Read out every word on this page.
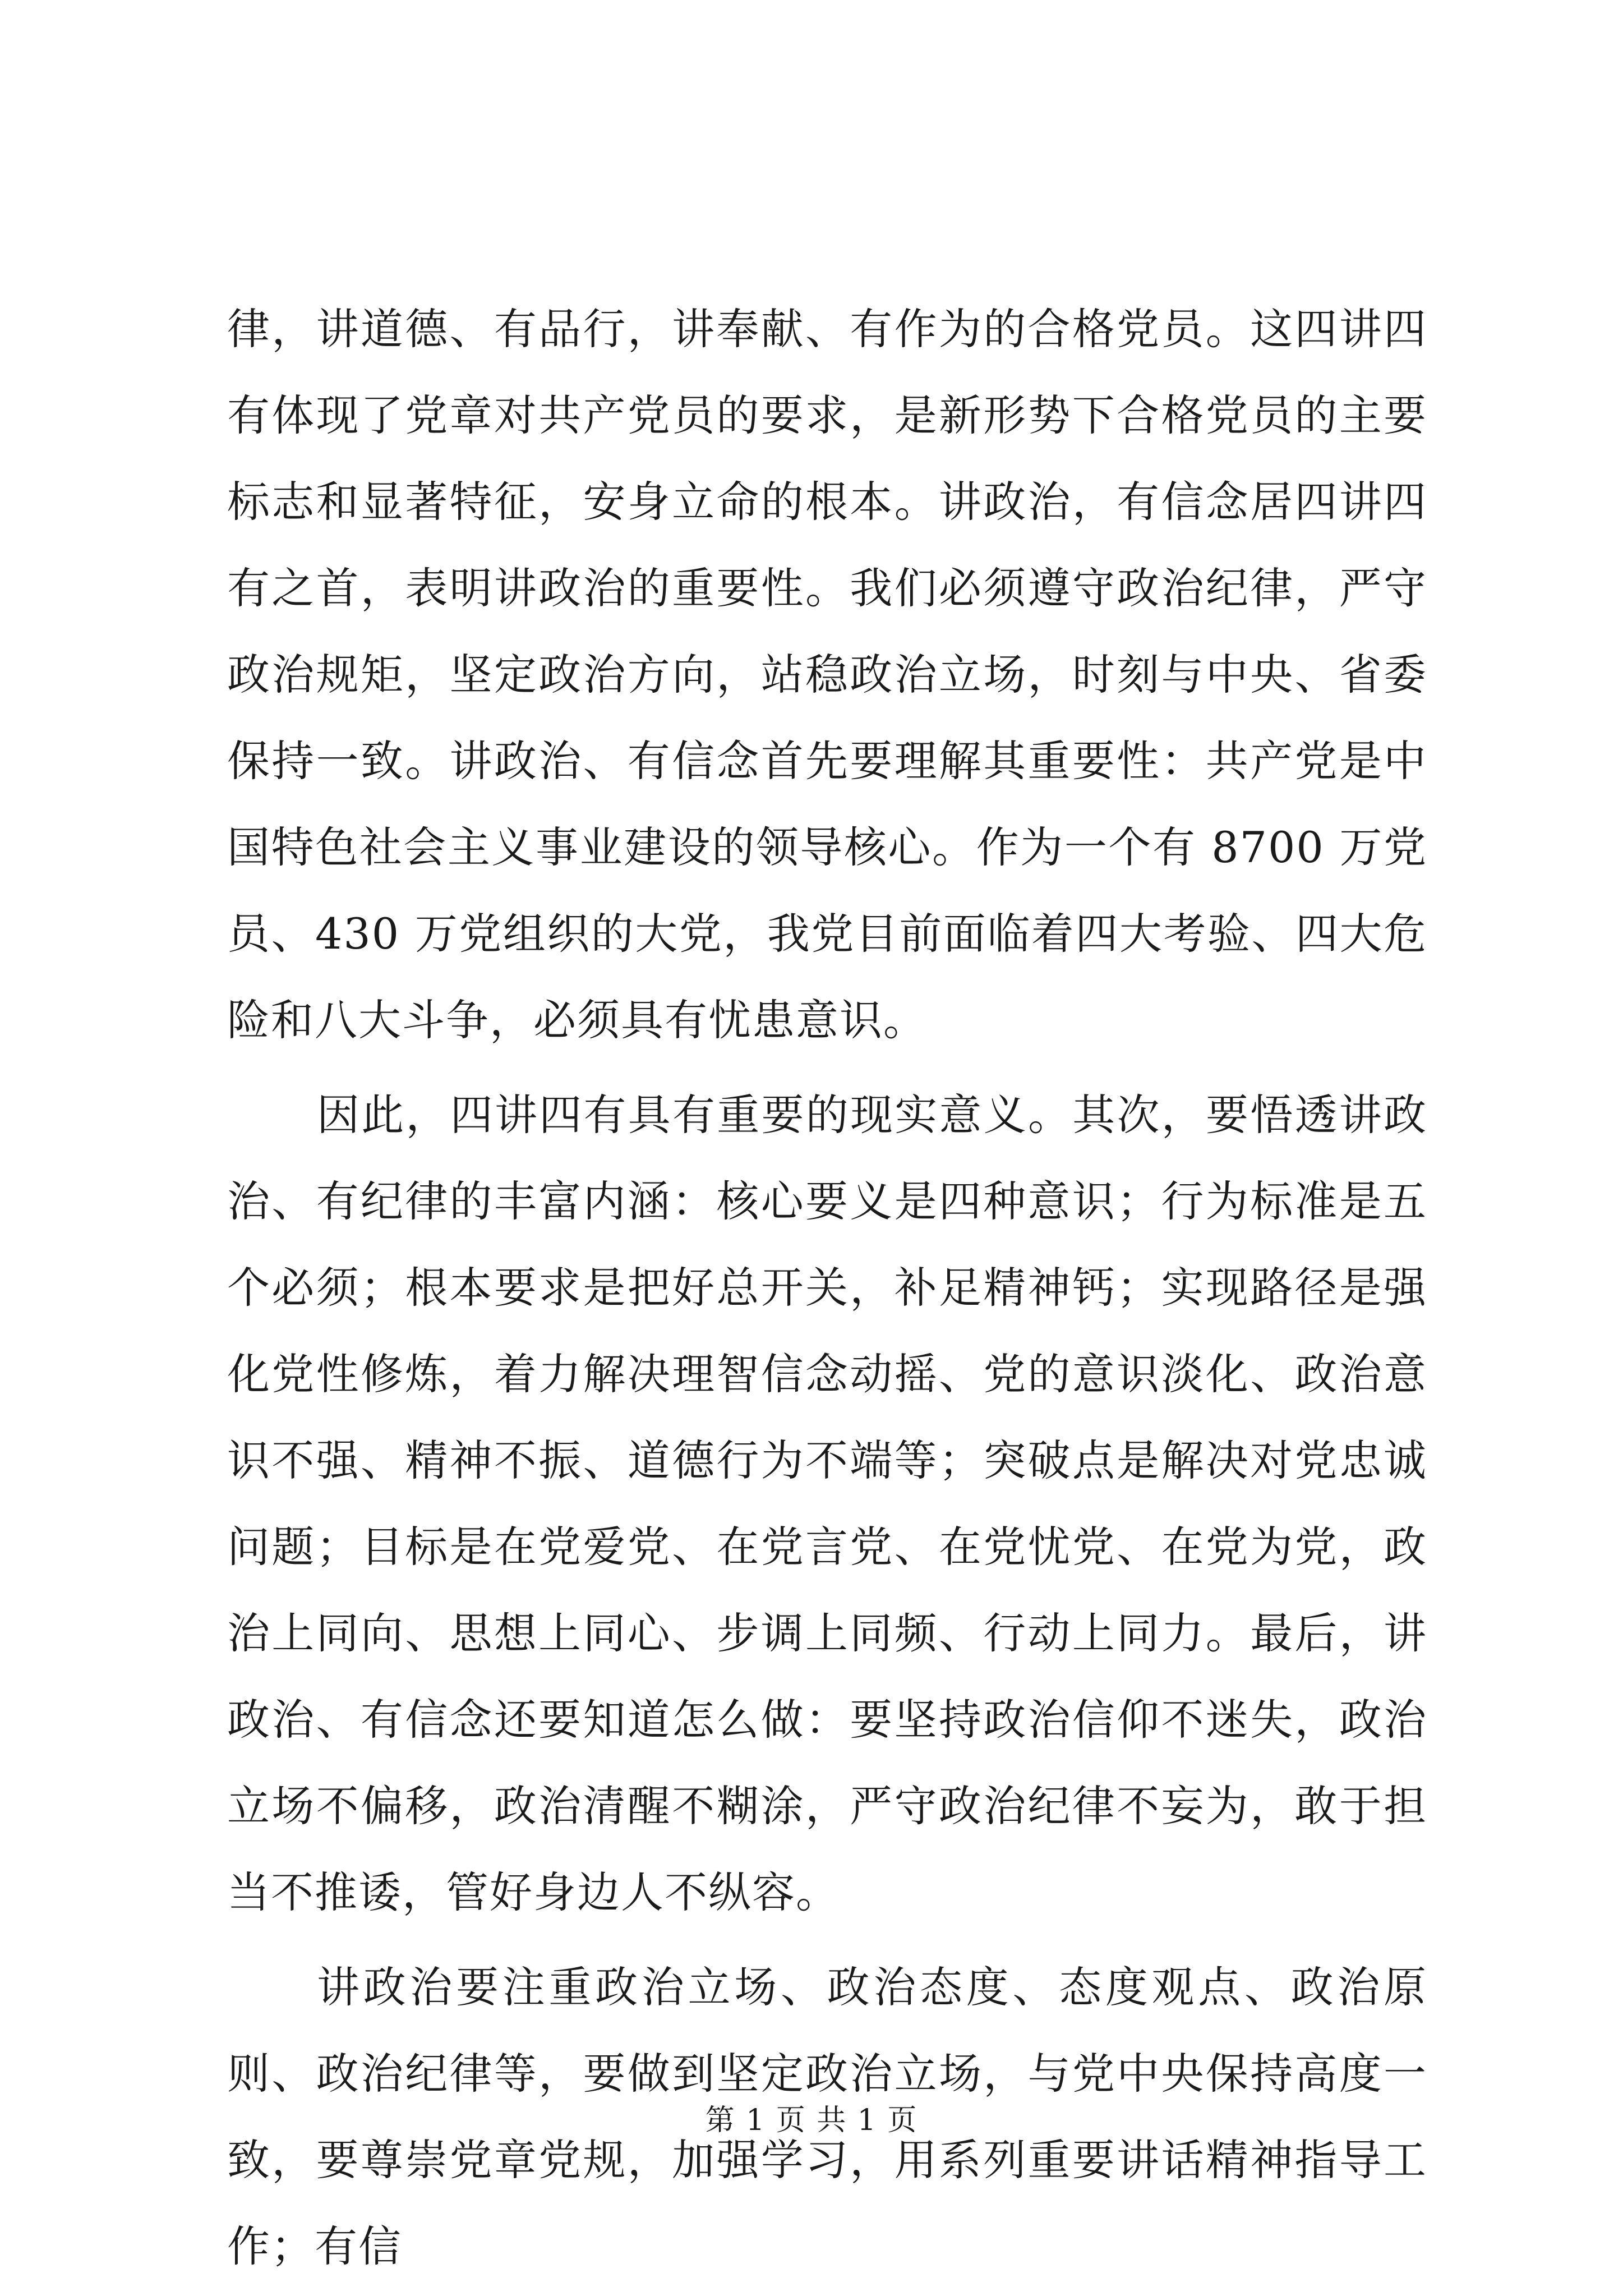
律，讲道德、有品行，讲奉献、有作为的合格党员。这四讲四有体现了党章对共产党员的要求，是新形势下合格党员的主要标志和显著特征，安身立命的根本。讲政治，有信念居四讲四有之首，表明讲政治的重要性。我们必须遵守政治纪律，严守政治规矩，坚定政治方向，站稳政治立场，时刻与中央、省委保持一致。讲政治、有信念首先要理解其重要性：共产党是中国特色社会主义事业建设的领导核心。作为一个有 8700 万党员、430 万党组织的大党，我党目前面临着四大考验、四大危险和八大斗争，必须具有忧患意识。

因此，四讲四有具有重要的现实意义。其次，要悟透讲政治、有纪律的丰富内涵：核心要义是四种意识；行为标准是五个必须；根本要求是把好总开关，补足精神钙；实现路径是强化党性修炼，着力解决理智信念动摇、党的意识淡化、政治意识不强、精神不振、道德行为不端等；突破点是解决对党忠诚问题；目标是在党爱党、在党言党、在党忧党、在党为党，政治上同向、思想上同心、步调上同频、行动上同力。最后，讲政治、有信念还要知道怎么做：要坚持政治信仰不迷失，政治立场不偏移，政治清醒不糊涂，严守政治纪律不妄为，敢于担当不推诿，管好身边人不纵容。

讲政治要注重政治立场、政治态度、态度观点、政治原则、政治纪律等，要做到坚定政治立场，与党中央保持高度一致，要尊崇党章党规，加强学习，用系列重要讲话精神指导工作；有信

第 1 页 共 1 页
